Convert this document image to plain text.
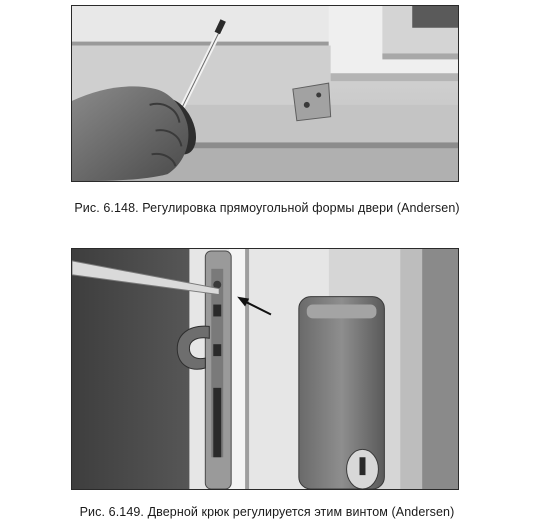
Рис. 6.148. Регулировка прямоугольной формы двери (Andersen)
Рис. 6.149. Дверной крюк регулируется этим винтом (Andersen)
